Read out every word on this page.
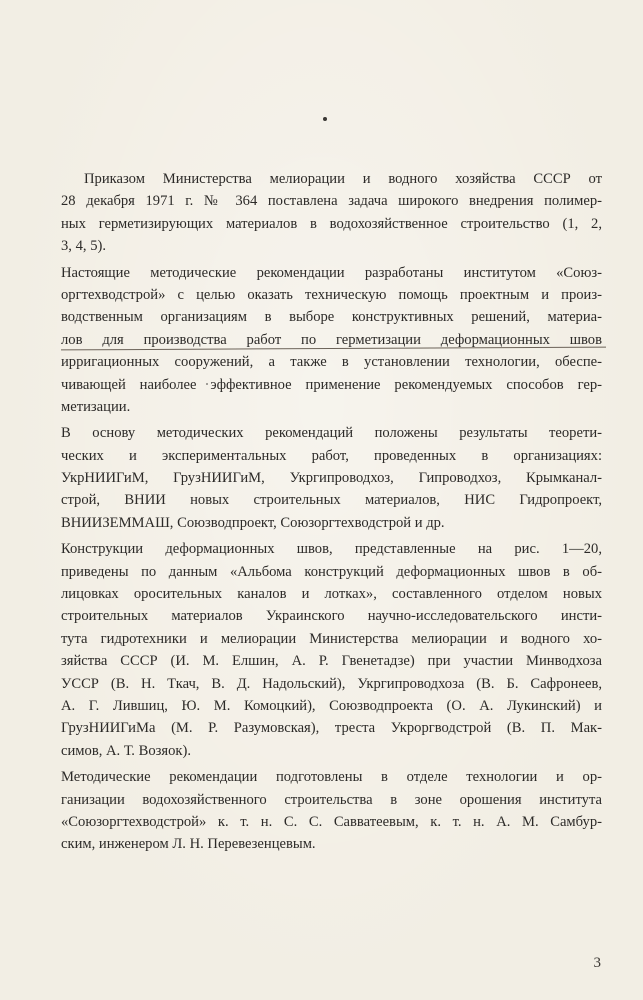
Приказом Министерства мелиорации и водного хозяйства СССР от
28 декабря 1971 г. № 364 поставлена задача широкого внедрения полимер-
ных герметизирующих материалов в водохозяйственное строительство (1, 2,
3, 4, 5).

Настоящие методические рекомендации разработаны институтом «Союз-
оргтехводстрой» с целью оказать техническую помощь проектным и произ-
водственным организациям в выборе конструктивных решений, материа-
лов для производства работ по герметизации деформационных швов
ирригационных сооружений, а также в установлении технологии, обеспе-
чивающей наиболее эффективное применение рекомендуемых способов гер-
метизации.

В основу методических рекомендаций положены результаты теорети-
ческих и экспериментальных работ, проведенных в организациях:
УкрНИИГиМ, ГрузНИИГиМ, Укргипроводхоз, Гипроводхоз, Крымканал-
строй, ВНИИ новых строительных материалов, НИС Гидропроект,
ВНИИЗЕММАШ, Союзводпроект, Союзоргтехводстрой и др.

Конструкции деформационных швов, представленные на рис. 1—20,
приведены по данным «Альбома конструкций деформационных швов в об-
лицовках оросительных каналов и лотках», составленного отделом новых
строительных материалов Украинского научно-исследовательского инсти-
тута гидротехники и мелиорации Министерства мелиорации и водного хо-
зяйства СССР (И. М. Елшин, А. Р. Гвенетадзе) при участии Минводхоза
УССР (В. Н. Ткач, В. Д. Надольский), Укргипроводхоза (В. Б. Сафронеев,
А. Г. Лившиц, Ю. М. Комоцкий), Союзводпроекта (О. А. Лукинский) и
ГрузНИИГиМа (М. Р. Разумовская), треста Укроргводстрой (В. П. Мак-
симов, А. Т. Возяок).

Методические рекомендации подготовлены в отделе технологии и ор-
ганизации водохозяйственного строительства в зоне орошения института
«Союзоргтехводстрой» к. т. н. С. С. Савватеевым, к. т. н. А. М. Самбур-
ским, инженером Л. Н. Перевезенцевым.

3
